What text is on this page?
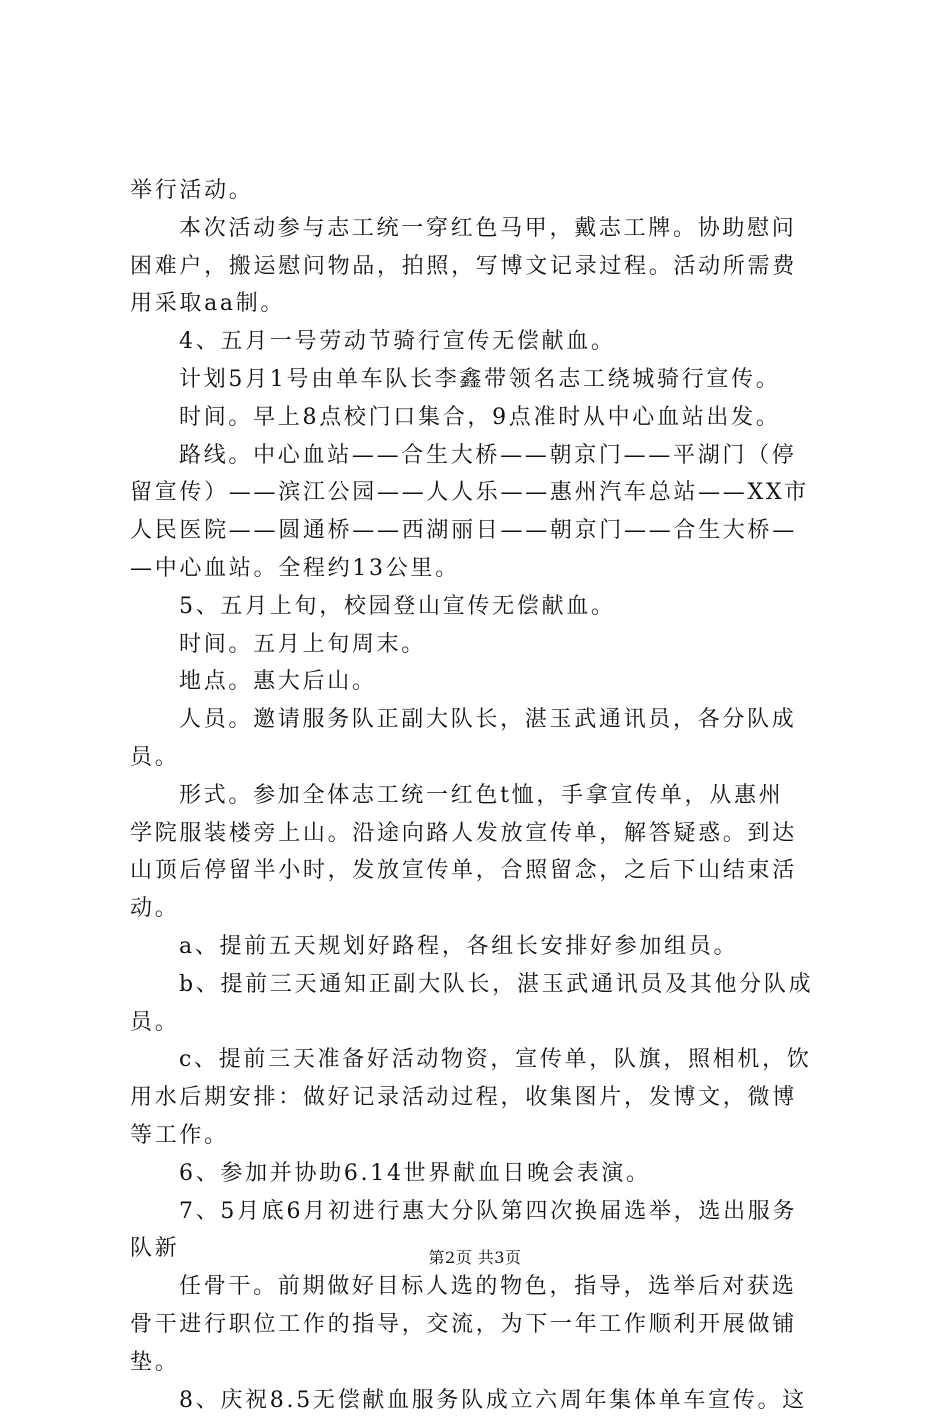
举行活动。
本次活动参与志工统一穿红色马甲，戴志工牌。协助慰问
困难户，搬运慰问物品，拍照，写博文记录过程。活动所需费
用采取aa制。
4、五月一号劳动节骑行宣传无偿献血。
计划5月1号由单车队长李鑫带领名志工绕城骑行宣传。
时间。早上8点校门口集合，9点准时从中心血站出发。
路线。中心血站——合生大桥——朝京门——平湖门（停
留宣传）——滨江公园——人人乐——惠州汽车总站——XX市
人民医院——圆通桥——西湖丽日——朝京门——合生大桥—
—中心血站。全程约13公里。
5、五月上旬，校园登山宣传无偿献血。
时间。五月上旬周末。
地点。惠大后山。
人员。邀请服务队正副大队长，湛玉武通讯员，各分队成
员。
形式。参加全体志工统一红色t恤，手拿宣传单，从惠州
学院服装楼旁上山。沿途向路人发放宣传单，解答疑惑。到达
山顶后停留半小时，发放宣传单，合照留念，之后下山结束活
动。
a、提前五天规划好路程，各组长安排好参加组员。
b、提前三天通知正副大队长，湛玉武通讯员及其他分队成
员。
c、提前三天准备好活动物资，宣传单，队旗，照相机，饮
用水后期安排：做好记录活动过程，收集图片，发博文，微博
等工作。
6、参加并协助6.14世界献血日晚会表演。
7、5月底6月初进行惠大分队第四次换届选举，选出服务
队新
任骨干。前期做好目标人选的物色，指导，选举后对获选
骨干进行职位工作的指导，交流，为下一年工作顺利开展做铺
垫。
8、庆祝8.5无偿献血服务队成立六周年集体单车宣传。这
第2页 共3页
